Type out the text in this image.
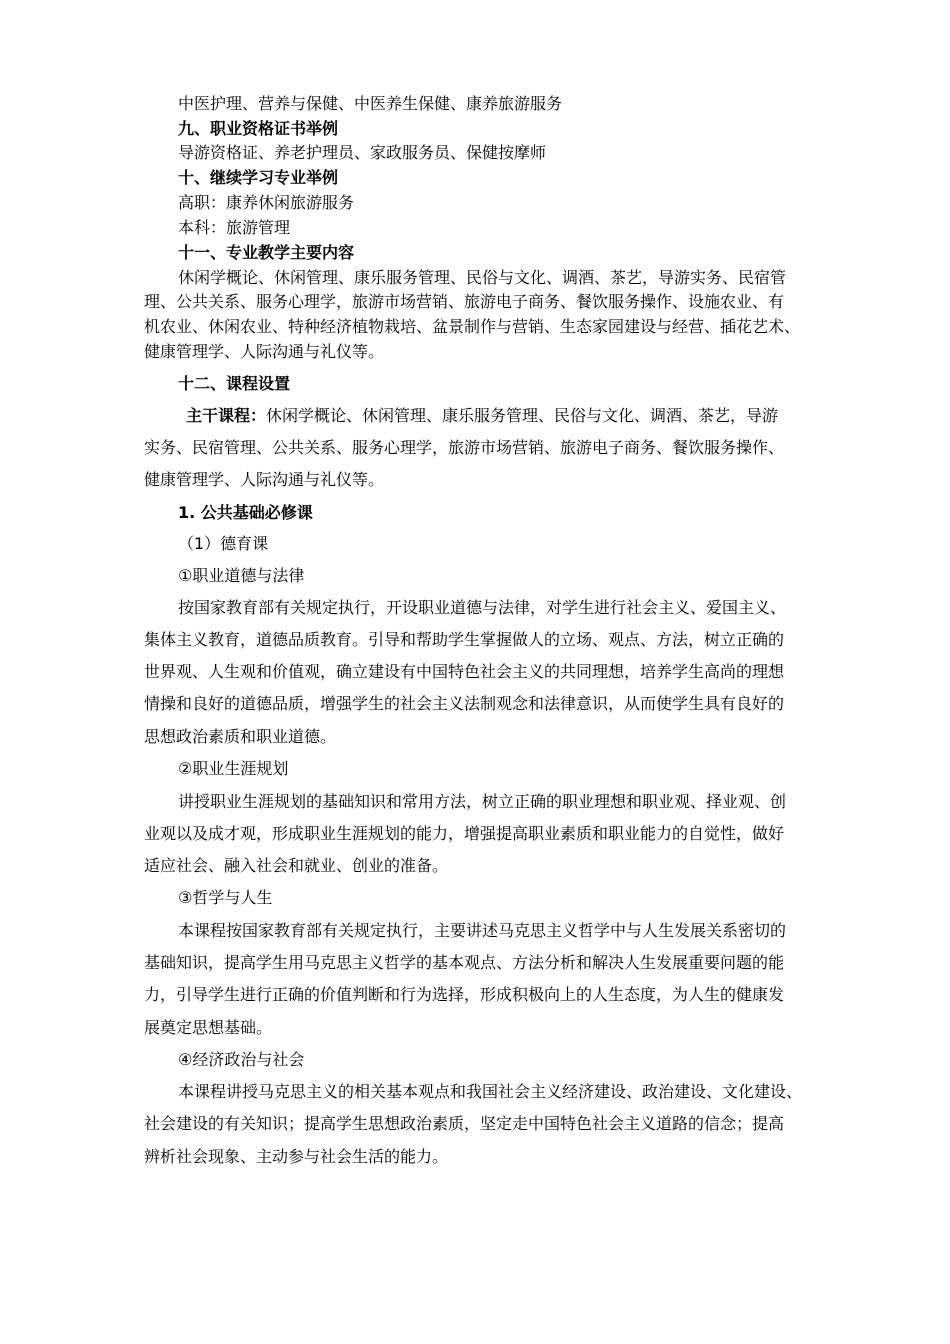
中医护理、营养与保健、中医养生保健、康养旅游服务
九、职业资格证书举例
导游资格证、养老护理员、家政服务员、保健按摩师
十、继续学习专业举例
高职：康养休闲旅游服务
本科：旅游管理
十一、专业教学主要内容
休闲学概论、休闲管理、康乐服务管理、民俗与文化、调酒、茶艺，导游实务、民宿管
理、公共关系、服务心理学，旅游市场营销、旅游电子商务、餐饮服务操作、设施农业、有
机农业、休闲农业、特种经济植物栽培、盆景制作与营销、生态家园建设与经营、插花艺术、
健康管理学、人际沟通与礼仪等。
十二、课程设置
主干课程：休闲学概论、休闲管理、康乐服务管理、民俗与文化、调酒、茶艺，导游
实务、民宿管理、公共关系、服务心理学，旅游市场营销、旅游电子商务、餐饮服务操作、
健康管理学、人际沟通与礼仪等。
1. 公共基础必修课
（1）德育课
①职业道德与法律
按国家教育部有关规定执行，开设职业道德与法律，对学生进行社会主义、爱国主义、
集体主义教育，道德品质教育。引导和帮助学生掌握做人的立场、观点、方法，树立正确的
世界观、人生观和价值观，确立建设有中国特色社会主义的共同理想，培养学生高尚的理想
情操和良好的道德品质，增强学生的社会主义法制观念和法律意识，从而使学生具有良好的
思想政治素质和职业道德。
②职业生涯规划
讲授职业生涯规划的基础知识和常用方法，树立正确的职业理想和职业观、择业观、创
业观以及成才观，形成职业生涯规划的能力，增强提高职业素质和职业能力的自觉性，做好
适应社会、融入社会和就业、创业的准备。
③哲学与人生
本课程按国家教育部有关规定执行，主要讲述马克思主义哲学中与人生发展关系密切的
基础知识，提高学生用马克思主义哲学的基本观点、方法分析和解决人生发展重要问题的能
力，引导学生进行正确的价值判断和行为选择，形成积极向上的人生态度，为人生的健康发
展奠定思想基础。
④经济政治与社会
本课程讲授马克思主义的相关基本观点和我国社会主义经济建设、政治建设、文化建设、
社会建设的有关知识；提高学生思想政治素质，坚定走中国特色社会主义道路的信念；提高
辨析社会现象、主动参与社会生活的能力。
